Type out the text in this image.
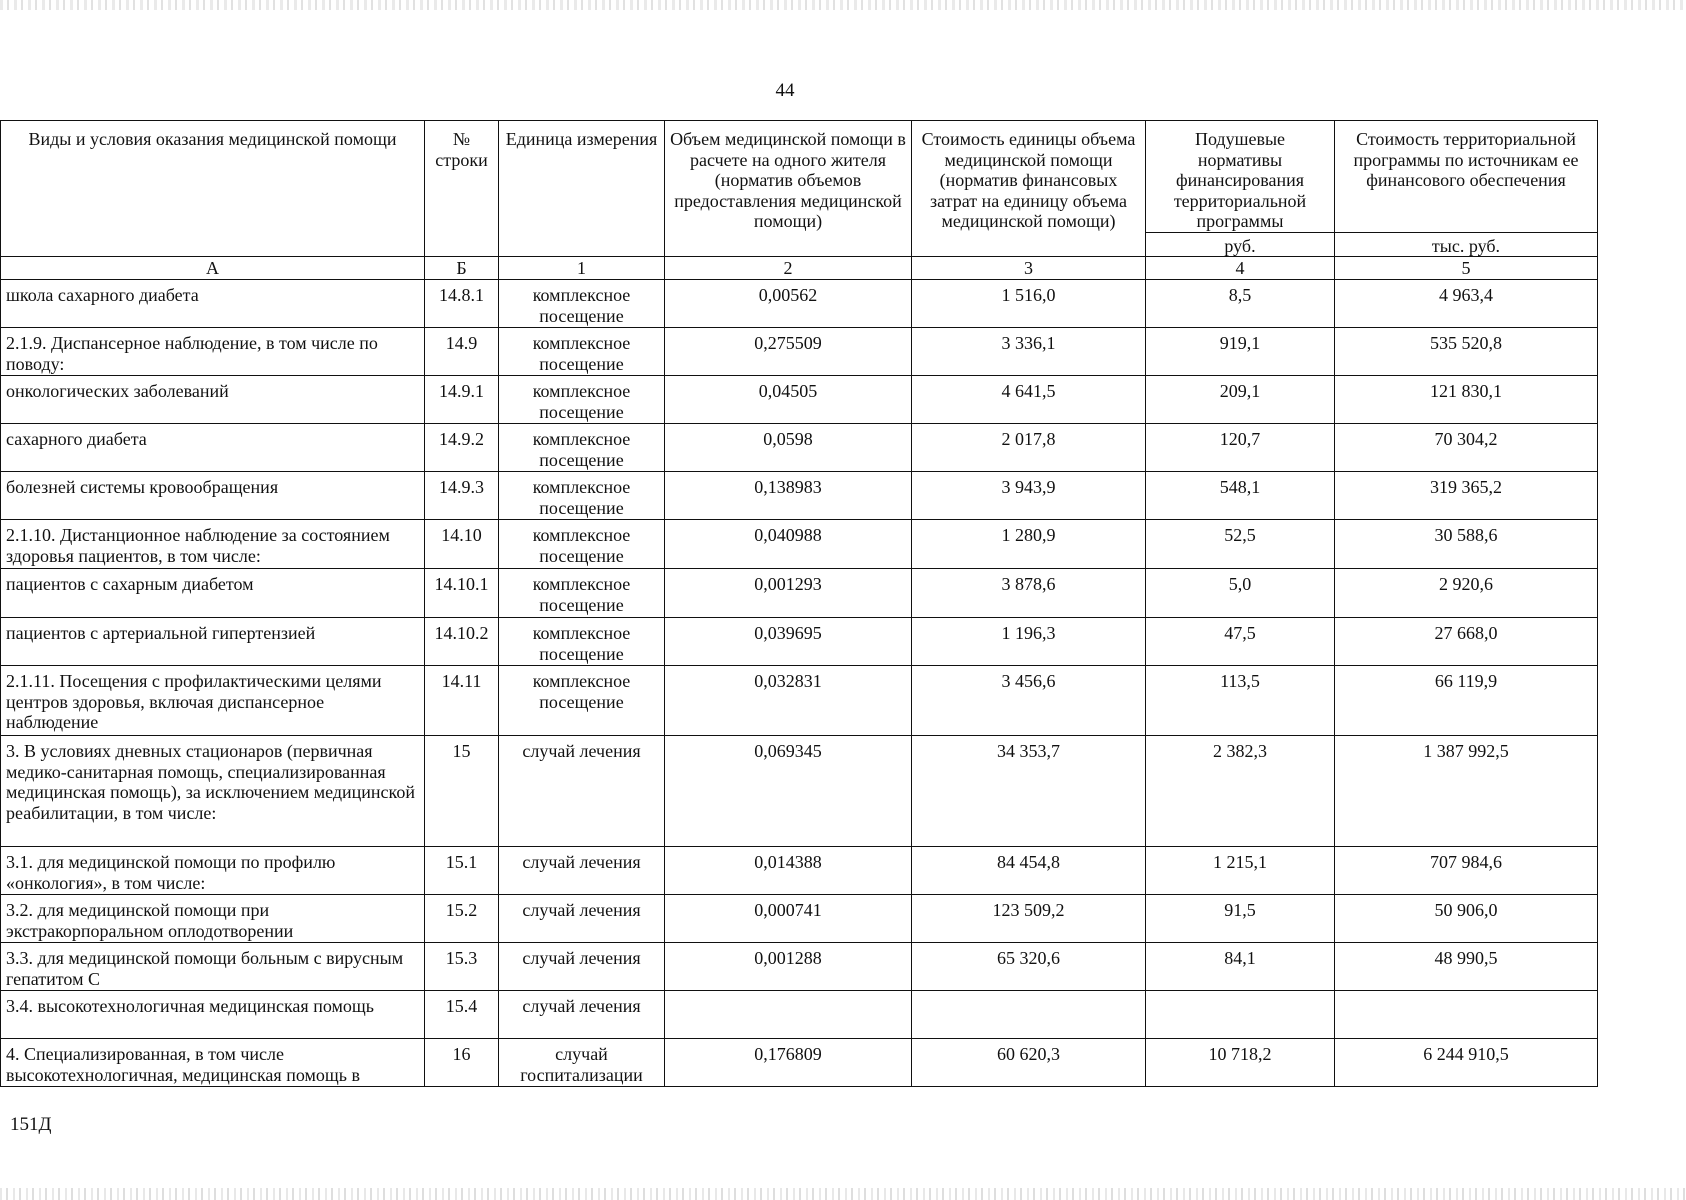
44
Виды и условия оказания медицинской помощи	№ строки	Единица измерения	Объем медицинской помощи в расчете на одного жителя (норматив объемов предоставления медицинской помощи)	Стоимость единицы объема медицинской помощи (норматив финансовых затрат на единицу объема медицинской помощи)	Подушевые нормативы финансирования территориальной программы	Стоимость территориальной программы по источникам ее финансового обеспечения
					руб.	тыс. руб.
А	Б	1	2	3	4	5
школа сахарного диабета	14.8.1	комплексное посещение	0,00562	1 516,0	8,5	4 963,4
2.1.9. Диспансерное наблюдение, в том числе по поводу:	14.9	комплексное посещение	0,275509	3 336,1	919,1	535 520,8
онкологических заболеваний	14.9.1	комплексное посещение	0,04505	4 641,5	209,1	121 830,1
сахарного диабета	14.9.2	комплексное посещение	0,0598	2 017,8	120,7	70 304,2
болезней системы кровообращения	14.9.3	комплексное посещение	0,138983	3 943,9	548,1	319 365,2
2.1.10. Дистанционное наблюдение за состоянием здоровья пациентов, в том числе:	14.10	комплексное посещение	0,040988	1 280,9	52,5	30 588,6
пациентов с сахарным диабетом	14.10.1	комплексное посещение	0,001293	3 878,6	5,0	2 920,6
пациентов с артериальной гипертензией	14.10.2	комплексное посещение	0,039695	1 196,3	47,5	27 668,0
2.1.11. Посещения с профилактическими целями центров здоровья, включая диспансерное наблюдение	14.11	комплексное посещение	0,032831	3 456,6	113,5	66 119,9
3. В условиях дневных стационаров (первичная медико-санитарная помощь, специализированная медицинская помощь), за исключением медицинской реабилитации, в том числе:	15	случай лечения	0,069345	34 353,7	2 382,3	1 387 992,5
3.1. для медицинской помощи по профилю «онкология», в том числе:	15.1	случай лечения	0,014388	84 454,8	1 215,1	707 984,6
3.2. для медицинской помощи при экстракорпоральном оплодотворении	15.2	случай лечения	0,000741	123 509,2	91,5	50 906,0
3.3. для медицинской помощи больным с вирусным гепатитом С	15.3	случай лечения	0,001288	65 320,6	84,1	48 990,5
3.4. высокотехнологичная медицинская помощь	15.4	случай лечения				
4. Специализированная, в том числе высокотехнологичная, медицинская помощь в	16	случай госпитализации	0,176809	60 620,3	10 718,2	6 244 910,5
151Д
